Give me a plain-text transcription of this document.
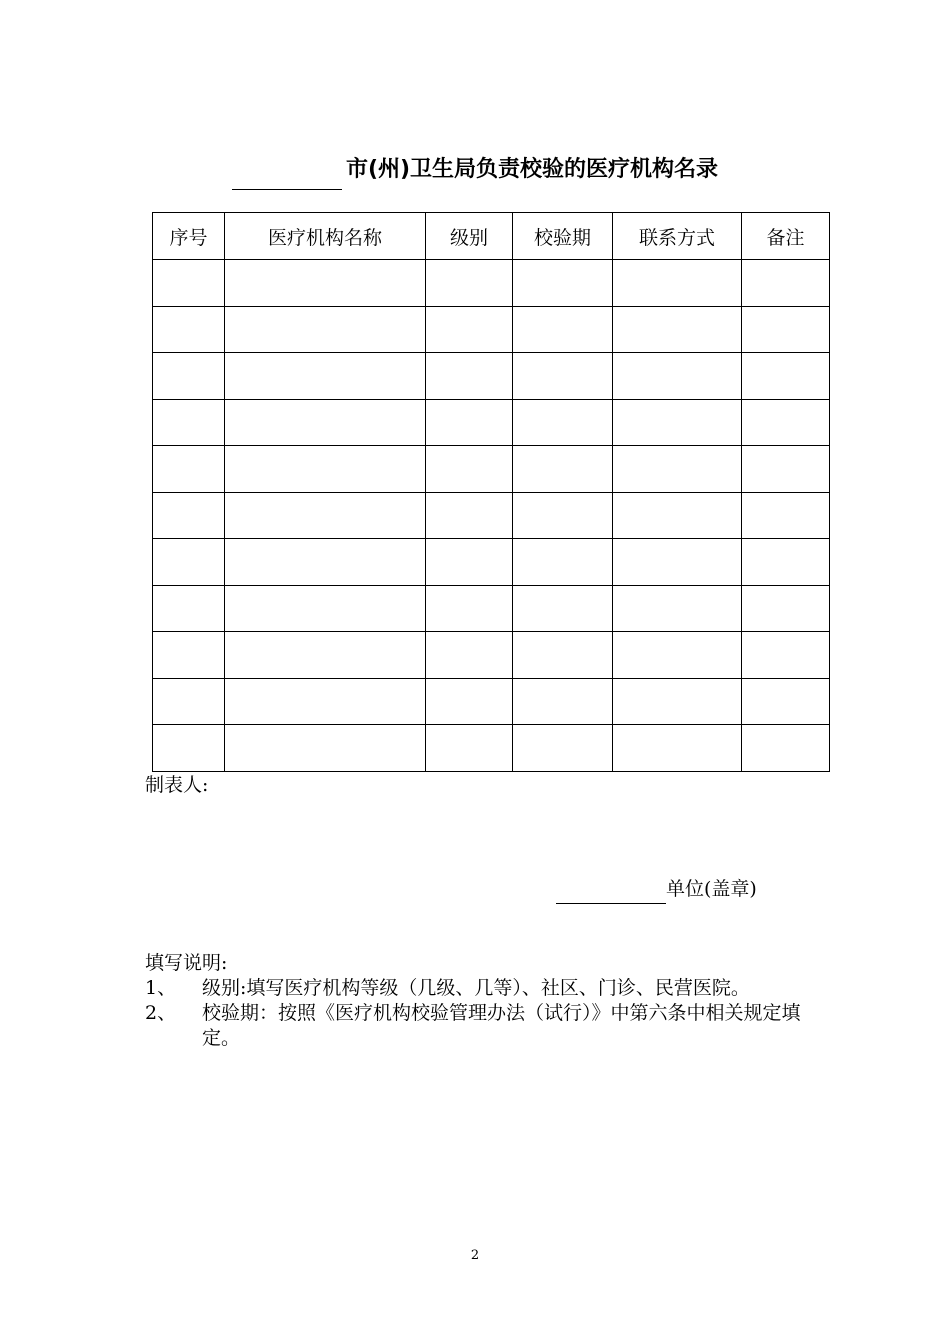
市(州)卫生局负责校验的医疗机构名录
序号	医疗机构名称	级别	校验期	联系方式	备注

制表人:
单位(盖章)
填写说明:
1、 级别:填写医疗机构等级（几级、几等）、社区、门诊、民营医院。
2、 校验期：按照《医疗机构校验管理办法（试行）》中第六条中相关规定填定。
2
